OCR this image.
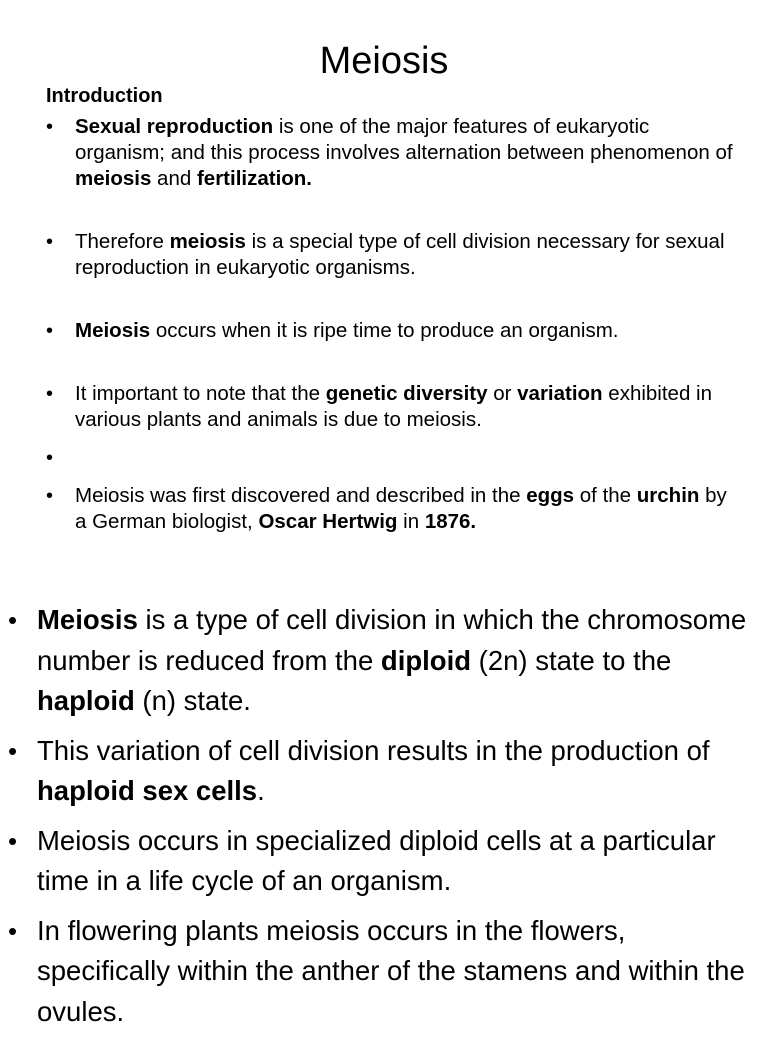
Meiosis
Introduction
• Sexual reproduction is one of the major features of eukaryotic organism; and this process involves alternation between phenomenon of meiosis and fertilization.
• Therefore meiosis is a special type of cell division necessary for sexual reproduction in eukaryotic organisms.
• Meiosis occurs when it is ripe time to produce an organism.
• It important to note that the genetic diversity or variation exhibited in various plants and animals is due to meiosis.
•

• Meiosis was first discovered and described in the eggs of the urchin by a German biologist, Oscar Hertwig in 1876.
• Meiosis is a type of cell division in which the chromosome number is reduced from the diploid (2n) state to the haploid (n) state.
• This variation of cell division results in the production of haploid sex cells.
• Meiosis occurs in specialized diploid cells at a particular time in a life cycle of an organism.
• In flowering plants meiosis occurs in the flowers, specifically within the anther of the stamens and within the ovules.
